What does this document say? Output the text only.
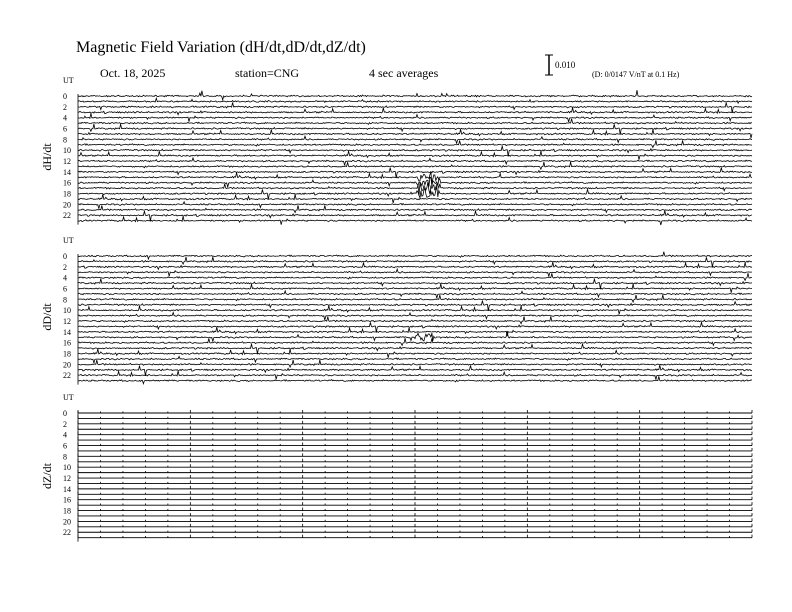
Magnetic Field Variation (dH/dt,dD/dt,dZ/dt)
Oct. 18, 2025	station=CNG	4 sec averages
0.010
(D: 0/0147 V/nT at 0.1 Hz)
UT
dH/dt
0
2
4
6
8
10
12
14
16
18
20
22
UT
dD/dt
0
2
4
6
8
10
12
14
16
18
20
22
UT
dZ/dt
0
2
4
6
8
10
12
14
16
18
20
22
